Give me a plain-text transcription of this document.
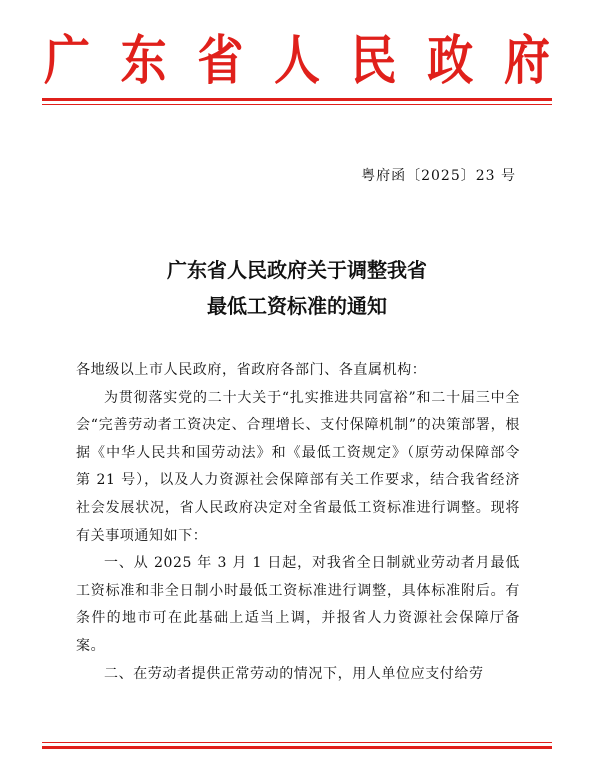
广 东 省 人 民 政 府
粤府函〔2025〕23 号
广东省人民政府关于调整我省
最低工资标准的通知

各地级以上市人民政府，省政府各部门、各直属机构：

为贯彻落实党的二十大关于“扎实推进共同富裕”和二十届三中全会“完善劳动者工资决定、合理增长、支付保障机制”的决策部署，根据《中华人民共和国劳动法》和《最低工资规定》（原劳动保障部令第 21 号），以及人力资源社会保障部有关工作要求，结合我省经济社会发展状况，省人民政府决定对全省最低工资标准进行调整。现将有关事项通知如下：

一、从 2025 年 3 月 1 日起，对我省全日制就业劳动者月最低工资标准和非全日制小时最低工资标准进行调整，具体标准附后。有条件的地市可在此基础上适当上调，并报省人力资源社会保障厅备案。

二、在劳动者提供正常劳动的情况下，用人单位应支付给劳
